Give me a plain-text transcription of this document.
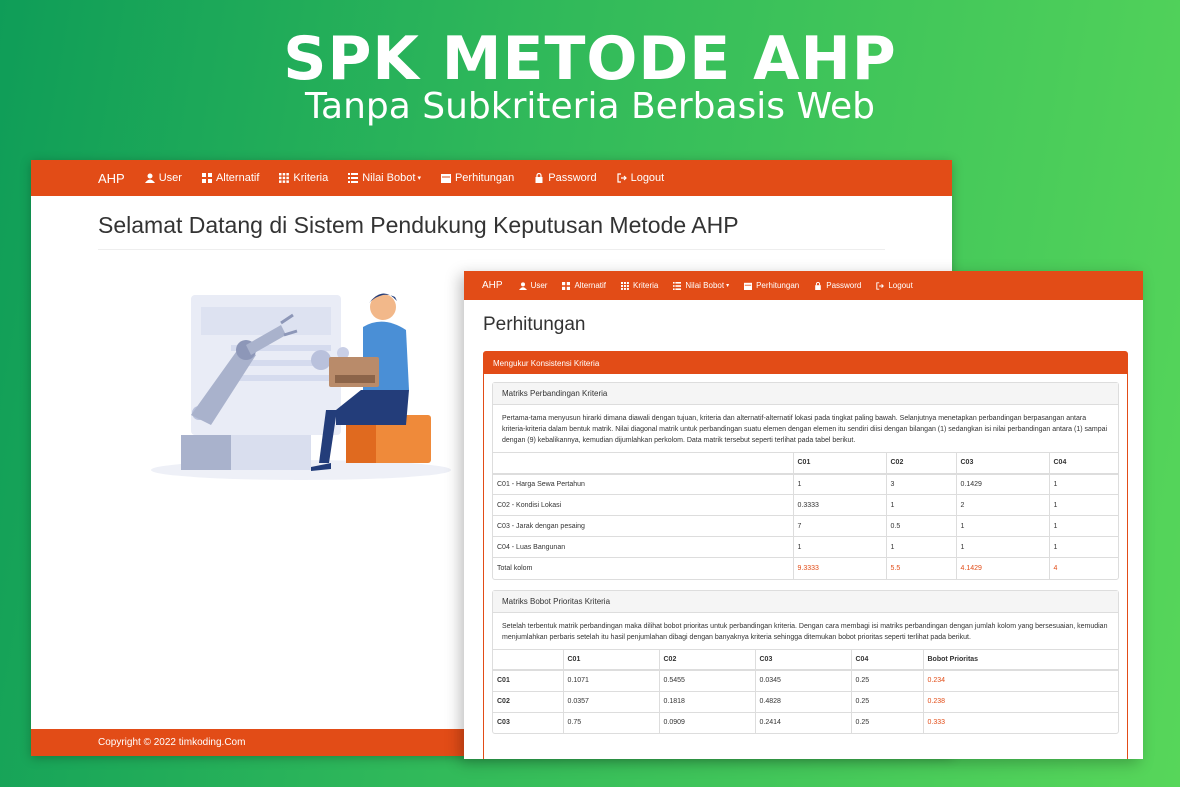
SPK METODE AHP
Tanpa Subkriteria Berbasis Web
AHP	User	Alternatif	Kriteria	Nilai Bobot ▾	Perhitungan	Password	Logout
Selamat Datang di Sistem Pendukung Keputusan Metode AHP
Copyright © 2022 timkoding.Com
AHP	User	Alternatif	Kriteria	Nilai Bobot ▾	Perhitungan	Password	Logout
Perhitungan
Mengukur Konsistensi Kriteria
Matriks Perbandingan Kriteria

Pertama-tama menyusun hirarki dimana diawali dengan tujuan, kriteria dan alternatif-alternatif lokasi pada tingkat paling bawah. Selanjutnya menetapkan perbandingan berpasangan antara kriteria-kriteria dalam bentuk matrik. Nilai diagonal matrik untuk perbandingan suatu elemen dengan elemen itu sendiri diisi dengan bilangan (1) sedangkan isi nilai perbandingan antara (1) sampai dengan (9) kebalikannya, kemudian dijumlahkan perkolom. Data matrik tersebut seperti terlihat pada tabel berikut.

	C01	C02	C03	C04
C01 - Harga Sewa Pertahun	1	3	0.1429	1
C02 - Kondisi Lokasi	0.3333	1	2	1
C03 - Jarak dengan pesaing	7	0.5	1	1
C04 - Luas Bangunan	1	1	1	1
Total kolom	9.3333	5.5	4.1429	4
Matriks Bobot Prioritas Kriteria

Setelah terbentuk matrik perbandingan maka dilihat bobot prioritas untuk perbandingan kriteria. Dengan cara membagi isi matriks perbandingan dengan jumlah kolom yang bersesuaian, kemudian menjumlahkan perbaris setelah itu hasil penjumlahan dibagi dengan banyaknya kriteria sehingga ditemukan bobot prioritas seperti terlihat pada berikut.

	C01	C02	C03	C04	Bobot Prioritas
C01	0.1071	0.5455	0.0345	0.25	0.234
C02	0.0357	0.1818	0.4828	0.25	0.238
C03	0.75	0.0909	0.2414	0.25	0.333
